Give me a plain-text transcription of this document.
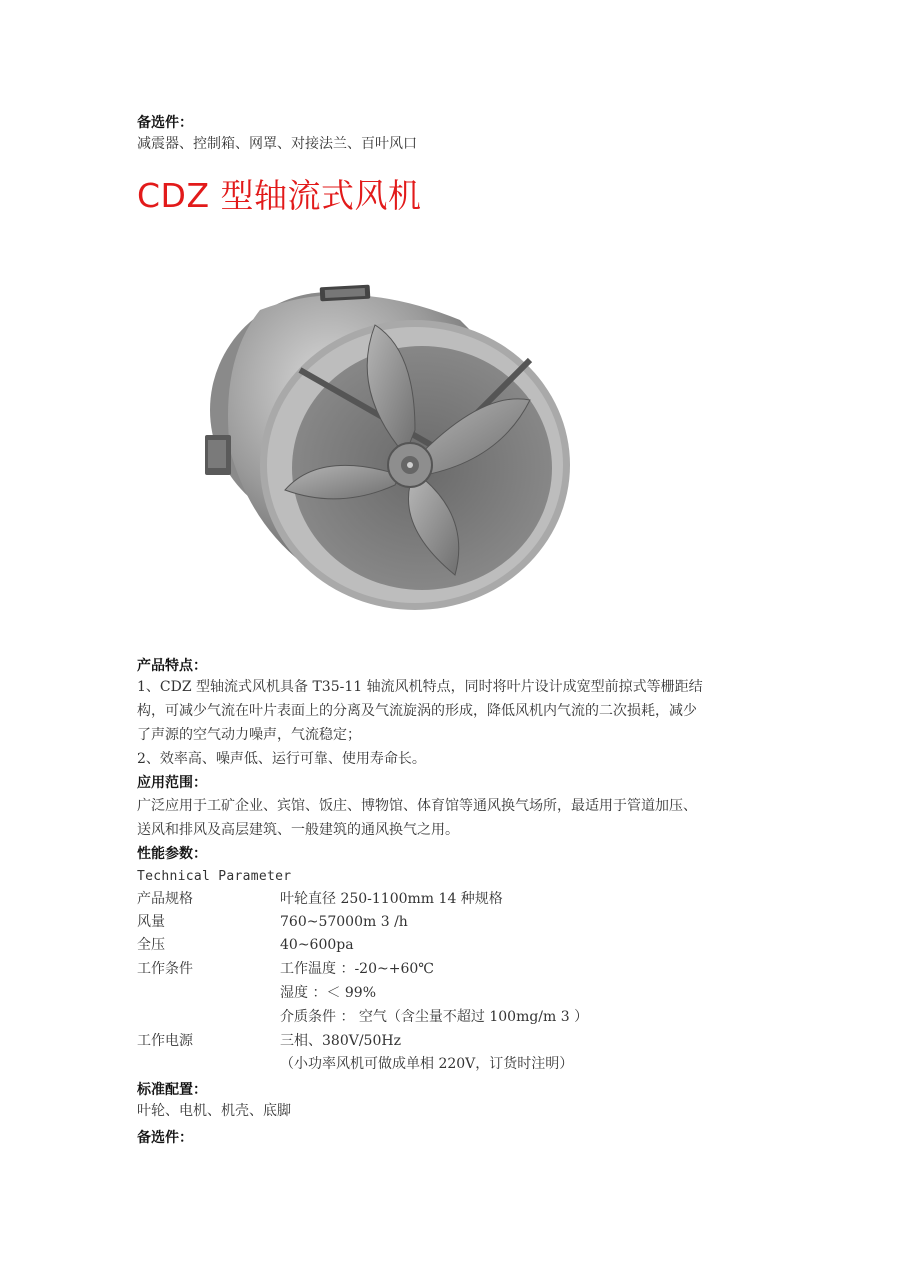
备选件：
减震器、控制箱、网罩、对接法兰、百叶风口
CDZ 型轴流式风机
产品特点：
1、CDZ 型轴流式风机具备 T35-11 轴流风机特点，同时将叶片设计成宽型前掠式等栅距结
构，可减少气流在叶片表面上的分离及气流旋涡的形成，降低风机内气流的二次损耗，减少
了声源的空气动力噪声，气流稳定；
2、效率高、噪声低、运行可靠、使用寿命长。
应用范围：
广泛应用于工矿企业、宾馆、饭庄、博物馆、体育馆等通风换气场所，最适用于管道加压、
送风和排风及高层建筑、一般建筑的通风换气之用。
性能参数：
Technical Parameter
产品规格	叶轮直径 250-1100mm 14 种规格
风量	760~57000m 3 /h
全压	40~600pa
工作条件	工作温度 ：-20~+60℃
湿度 ：＜ 99%
介质条件 ： 空气（含尘量不超过 100mg/m 3 ）
工作电源	三相、380V/50Hz
（小功率风机可做成单相 220V，订货时注明）
标准配置：
叶轮、电机、机壳、底脚
备选件：
